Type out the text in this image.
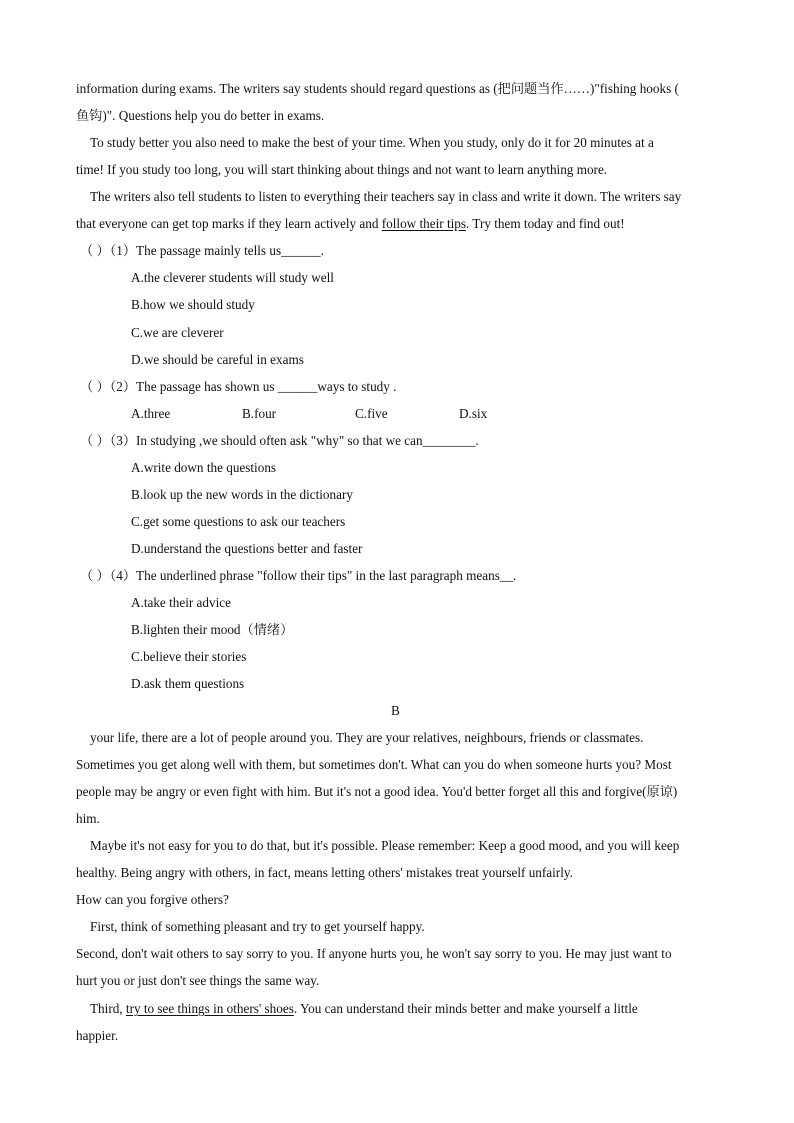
information during exams. The writers say students should regard questions as (把问题当作……)"fishing hooks (
鱼钩)". Questions help you do better in exams.
To study better you also need to make the best of your time. When you study, only do it for 20 minutes at a
time! If you study too long, you will start thinking about things and not want to learn anything more.
The writers also tell students to listen to everything their teachers say in class and write it down. The writers say
that everyone can get top marks if they learn actively and follow their tips. Try them today and find out!
（ ）（1）The passage mainly tells us______.
A.the cleverer students will study well
B.how we should study
C.we are cleverer
D.we should be careful in exams
（ ）（2）The passage has shown us ______ways to study .
A.three	B.four	C.five	D.six
（ ）（3）In studying ,we should often ask "why" so that we can________.
A.write down the questions
B.look up the new words in the dictionary
C.get some questions to ask our teachers
D.understand the questions better and faster
（ ）（4）The underlined phrase "follow their tips" in the last paragraph means__.
A.take their advice
B.lighten their mood（情绪）
C.believe their stories
D.ask them questions
B
your life, there are a lot of people around you. They are your relatives, neighbours, friends or classmates.
Sometimes you get along well with them, but sometimes don't. What can you do when someone hurts you? Most
people may be angry or even fight with him. But it's not a good idea. You'd better forget all this and forgive(原谅)
him.
Maybe it's not easy for you to do that, but it's possible. Please remember: Keep a good mood, and you will keep
healthy. Being angry with others, in fact, means letting others' mistakes treat yourself unfairly.
How can you forgive others?
First, think of something pleasant and try to get yourself happy.
Second, don't wait others to say sorry to you. If anyone hurts you, he won't say sorry to you. He may just want to
hurt you or just don't see things the same way.
Third, try to see things in others' shoes. You can understand their minds better and make yourself a little
happier.
